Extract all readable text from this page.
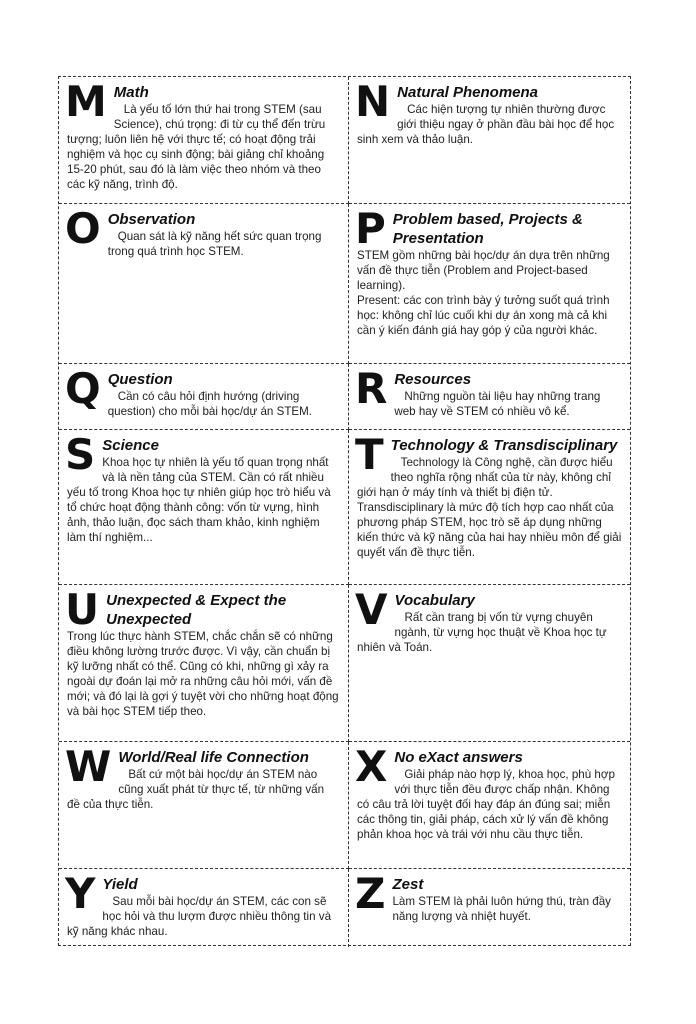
M Math
Là yếu tố lớn thứ hai trong STEM (sau Science), chú trọng: đi từ cụ thể đến trừu tượng; luôn liên hệ với thực tế; có hoạt động trải nghiệm và học cụ sinh động; bài giảng chỉ khoảng 15-20 phút, sau đó là làm việc theo nhóm và theo các kỹ năng, trình độ.
N Natural Phenomena
Các hiện tượng tự nhiên thường được giới thiệu ngay ở phần đầu bài học để học sinh xem và thảo luận.
O Observation
Quan sát là kỹ năng hết sức quan trọng trong quá trình học STEM.	P Problem based, Projects & Presentation
STEM gồm những bài học/dự án dựa trên những vấn đề thực tiễn (Problem and Project-based learning).
Present: các con trình bày ý tưởng suốt quá trình học: không chỉ lúc cuối khi dự án xong mà cả khi cần ý kiến đánh giá hay góp ý của người khác.
Q Question
Cần có câu hỏi định hướng (driving question) cho mỗi bài học/dự án STEM.	R Resources
Những nguồn tài liệu hay những trang web hay về STEM có nhiều vô kể.
S Science
Khoa học tự nhiên là yếu tố quan trọng nhất và là nền tảng của STEM. Cần có rất nhiều yếu tố trong Khoa học tự nhiên giúp học trò hiểu và tổ chức hoạt động thành công: vốn từ vựng, hình ảnh, thảo luận, đọc sách tham khảo, kinh nghiệm làm thí nghiệm...
T Technology & Transdisciplinary
Technology là Công nghệ, cần được hiểu theo nghĩa rộng nhất của từ này, không chỉ giới hạn ở máy tính và thiết bị điện tử.
Transdisciplinary là mức độ tích hợp cao nhất của phương pháp STEM, học trò sẽ áp dụng những kiến thức và kỹ năng của hai hay nhiều môn để giải quyết vấn đề thực tiễn.
U Unexpected & Expect the Unexpected
Trong lúc thực hành STEM, chắc chắn sẽ có những điều không lường trước được. Vì vậy, cần chuẩn bị kỹ lưỡng nhất có thể. Cũng có khi, những gì xảy ra ngoài dự đoán lại mở ra những câu hỏi mới, vấn đề mới; và đó lại là gợi ý tuyệt vời cho những hoạt động và bài học STEM tiếp theo.
V Vocabulary
Rất cần trang bị vốn từ vựng chuyên ngành, từ vựng học thuật về Khoa học tự nhiên và Toán.
W World/Real life Connection
Bất cứ một bài học/dự án STEM nào cũng xuất phát từ thực tế, từ những vấn đề của thực tiễn.
X No eXact answers
Giải pháp nào hợp lý, khoa học, phù hợp với thực tiễn đều được chấp nhận. Không có câu trả lời tuyệt đối hay đáp án đúng sai; miễn các thông tin, giải pháp, cách xử lý vấn đề không phản khoa học và trái với nhu cầu thực tiễn.
Y Yield
Sau mỗi bài học/dự án STEM, các con sẽ học hỏi và thu lượm được nhiều thông tin và kỹ năng khác nhau.
Z Zest
Làm STEM là phải luôn hứng thú, tràn đầy năng lượng và nhiệt huyết.
